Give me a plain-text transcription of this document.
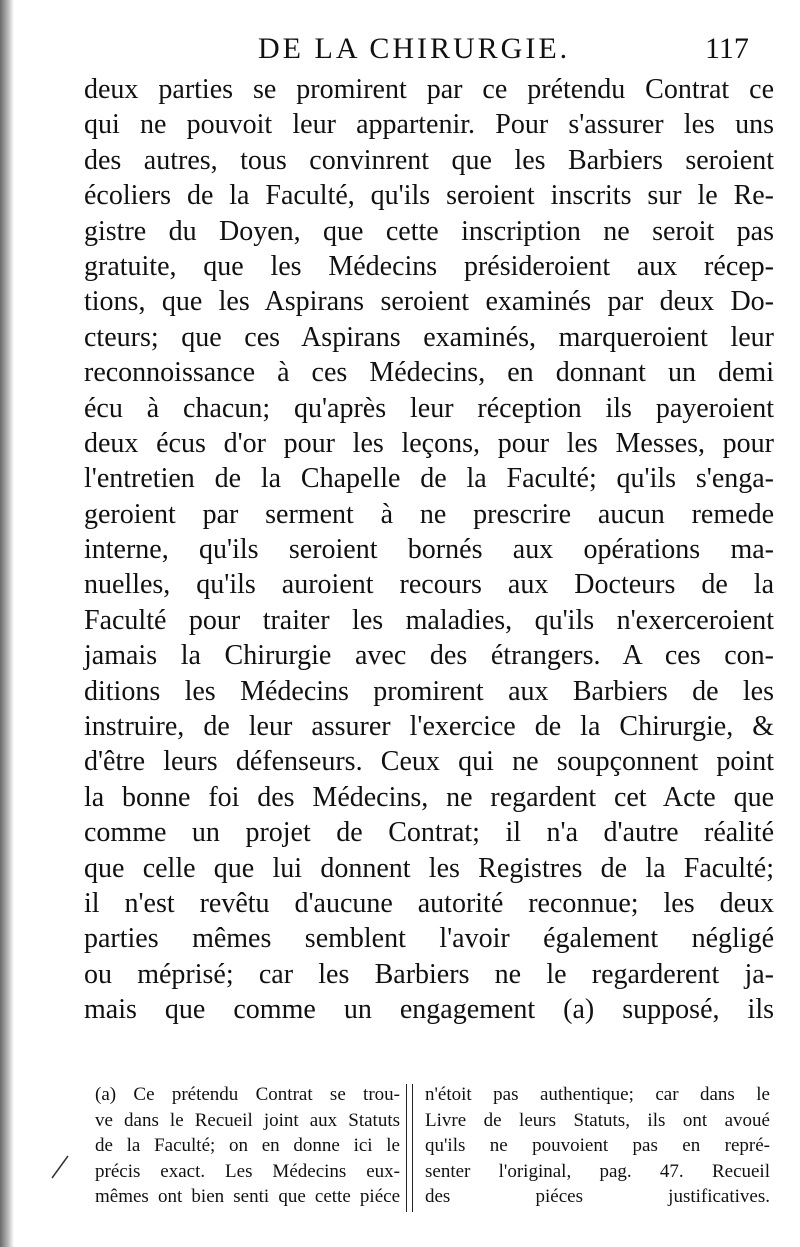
DE LA CHIRURGIE.	117
deux parties se promirent par ce prétendu Contrat ce
qui ne pouvoit leur appartenir. Pour s'assurer les uns
des autres, tous convinrent que les Barbiers seroient
écoliers de la Faculté, qu'ils seroient inscrits sur le Re-
gistre du Doyen, que cette inscription ne seroit pas
gratuite, que les Médecins présideroient aux récep-
tions, que les Aspirans seroient examinés par deux Do-
cteurs; que ces Aspirans examinés, marqueroient leur
reconnoissance à ces Médecins, en donnant un demi
écu à chacun; qu'après leur réception ils payeroient
deux écus d'or pour les leçons, pour les Messes, pour
l'entretien de la Chapelle de la Faculté; qu'ils s'enga-
geroient par serment à ne prescrire aucun remede
interne, qu'ils seroient bornés aux opérations ma-
nuelles, qu'ils auroient recours aux Docteurs de la
Faculté pour traiter les maladies, qu'ils n'exerceroient
jamais la Chirurgie avec des étrangers. A ces con-
ditions les Médecins promirent aux Barbiers de les
instruire, de leur assurer l'exercice de la Chirurgie, &
d'être leurs défenseurs. Ceux qui ne soupçonnent point
la bonne foi des Médecins, ne regardent cet Acte que
comme un projet de Contrat; il n'a d'autre réalité
que celle que lui donnent les Registres de la Faculté;
il n'est revêtu d'aucune autorité reconnue; les deux
parties mêmes semblent l'avoir également négligé
ou méprisé; car les Barbiers ne le regarderent ja-
mais que comme un engagement (a) supposé, ils
(a) Ce prétendu Contrat se trou-
ve dans le Recueil joint aux Statuts
de la Faculté; on en donne ici le
précis exact. Les Médecins eux-
mêmes ont bien senti que cette piéce
n'étoit pas authentique; car dans le
Livre de leurs Statuts, ils ont avoué
qu'ils ne pouvoient pas en repré-
senter l'original, pag. 47. Recueil
des piéces justificatives.
